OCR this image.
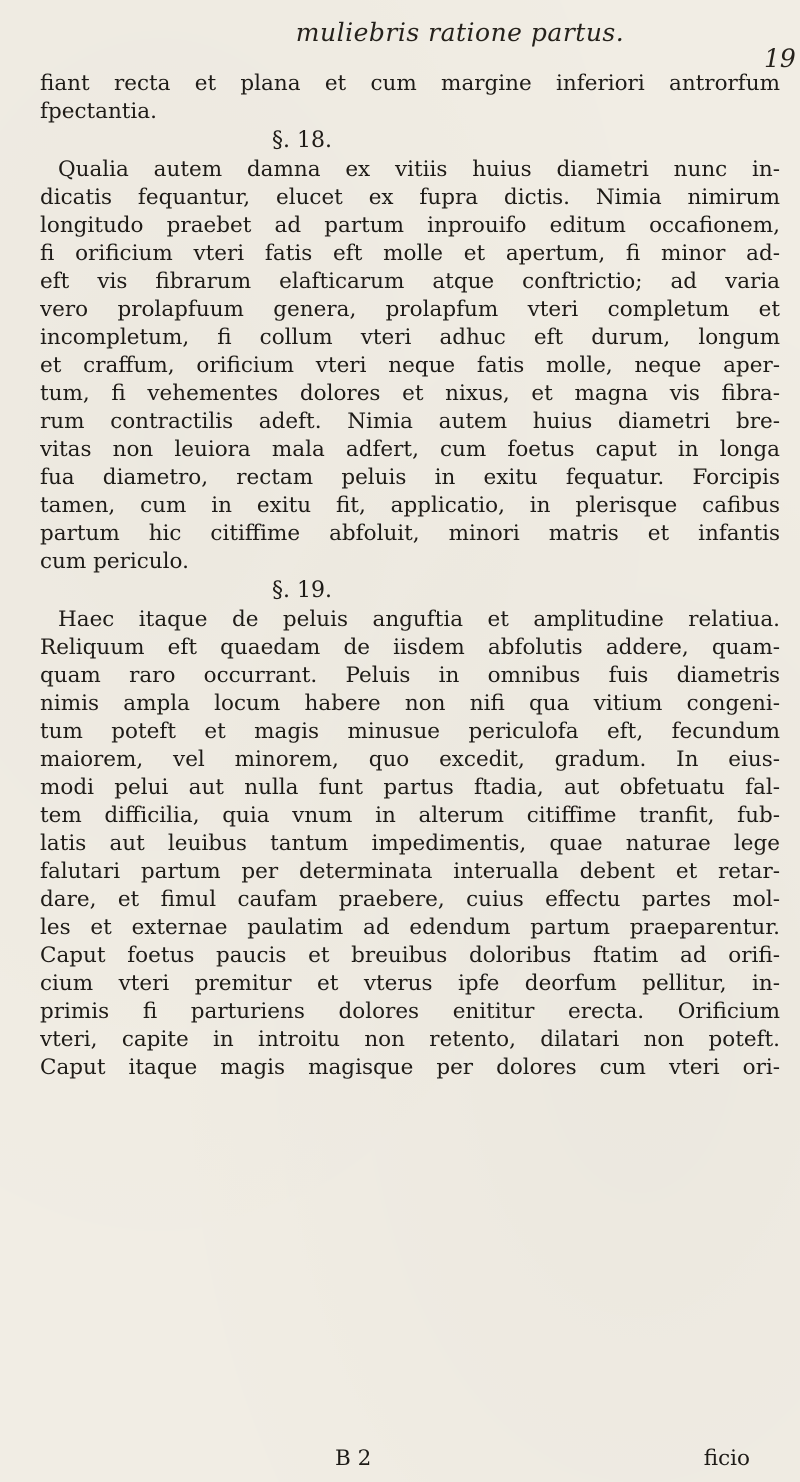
muliebris ratione partus.
19
fiant recta et plana et cum margine inferiori antrorfum
fpectantia.
§. 18.
Qualia autem damna ex vitiis huius diametri nunc in-
dicatis fequantur, elucet ex fupra dictis. Nimia nimirum
longitudo praebet ad partum inprouifo editum occafionem,
fi orificium vteri fatis eft molle et apertum, fi minor ad-
eft vis fibrarum elafticarum atque conftrictio; ad varia
vero prolapfuum genera, prolapfum vteri completum et
incompletum, fi collum vteri adhuc eft durum, longum
et craffum, orificium vteri neque fatis molle, neque aper-
tum, fi vehementes dolores et nixus, et magna vis fibra-
rum contractilis adeft. Nimia autem huius diametri bre-
vitas non leuiora mala adfert, cum foetus caput in longa
fua diametro, rectam peluis in exitu fequatur. Forcipis
tamen, cum in exitu fit, applicatio, in plerisque cafibus
partum hic citiffime abfoluit, minori matris et infantis
cum periculo.
§. 19.
Haec itaque de peluis anguftia et amplitudine relatiua.
Reliquum eft quaedam de iisdem abfolutis addere, quam-
quam raro occurrant. Peluis in omnibus fuis diametris
nimis ampla locum habere non nifi qua vitium congeni-
tum poteft et magis minusue periculofa eft, fecundum
maiorem, vel minorem, quo excedit, gradum. In eius-
modi pelui aut nulla funt partus ftadia, aut obfetuatu fal-
tem difficilia, quia vnum in alterum citiffime tranfit, fub-
latis aut leuibus tantum impedimentis, quae naturae lege
falutari partum per determinata interualla debent et retar-
dare, et fimul caufam praebere, cuius effectu partes mol-
les et externae paulatim ad edendum partum praeparentur.
Caput foetus paucis et breuibus doloribus ftatim ad orifi-
cium vteri premitur et vterus ipfe deorfum pellitur, in-
primis fi parturiens dolores enititur erecta. Orificium
vteri, capite in introitu non retento, dilatari non poteft.
Caput itaque magis magisque per dolores cum vteri ori-
B 2	ficio
